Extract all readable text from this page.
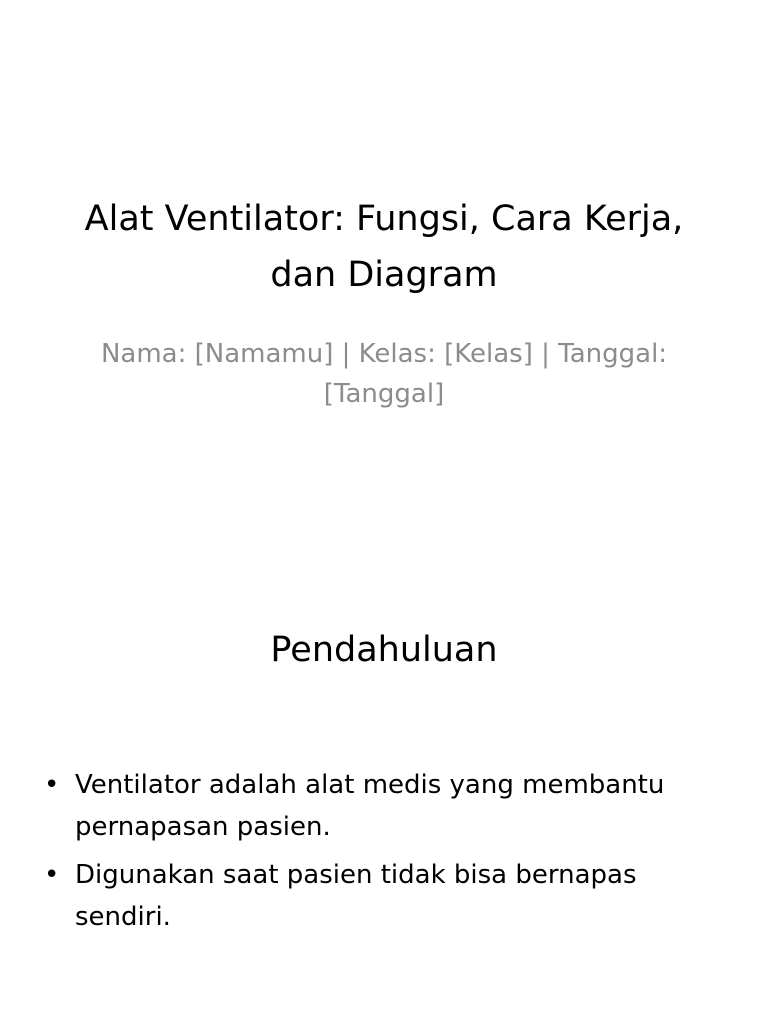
Alat Ventilator: Fungsi, Cara Kerja, dan Diagram

Nama: [Namamu] | Kelas: [Kelas] | Tanggal: [Tanggal]

Pendahuluan
• Ventilator adalah alat medis yang membantu pernapasan pasien.
• Digunakan saat pasien tidak bisa bernapas sendiri.
